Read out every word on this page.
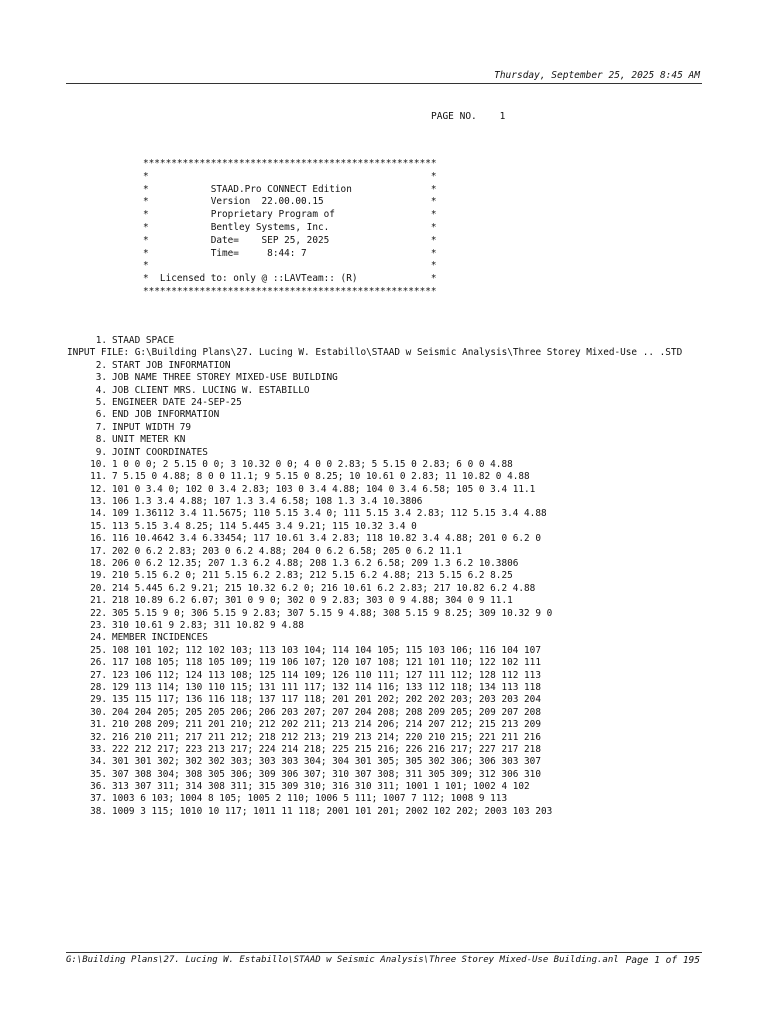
Thursday, September 25, 2025 8:45 AM
PAGE NO.    1
****************************************************
*                                                  *
*           STAAD.Pro CONNECT Edition              *
*           Version  22.00.00.15                   *
*           Proprietary Program of                 *
*           Bentley Systems, Inc.                  *
*           Date=    SEP 25, 2025                  *
*           Time=     8:44: 7                      *
*                                                  *
*  Licensed to: only @ ::LAVTeam:: (R)             *
****************************************************
1. STAAD SPACE
INPUT FILE: G:\Building Plans\27. Lucing W. Estabillo\STAAD w Seismic Analysis\Three Storey Mixed-Use .. .STD
2. START JOB INFORMATION
3. JOB NAME THREE STOREY MIXED-USE BUILDING
4. JOB CLIENT MRS. LUCING W. ESTABILLO
5. ENGINEER DATE 24-SEP-25
6. END JOB INFORMATION
7. INPUT WIDTH 79
8. UNIT METER KN
9. JOINT COORDINATES
10. 1 0 0 0; 2 5.15 0 0; 3 10.32 0 0; 4 0 0 2.83; 5 5.15 0 2.83; 6 0 0 4.88
11. 7 5.15 0 4.88; 8 0 0 11.1; 9 5.15 0 8.25; 10 10.61 0 2.83; 11 10.82 0 4.88
12. 101 0 3.4 0; 102 0 3.4 2.83; 103 0 3.4 4.88; 104 0 3.4 6.58; 105 0 3.4 11.1
13. 106 1.3 3.4 4.88; 107 1.3 3.4 6.58; 108 1.3 3.4 10.3806
14. 109 1.36112 3.4 11.5675; 110 5.15 3.4 0; 111 5.15 3.4 2.83; 112 5.15 3.4 4.88
15. 113 5.15 3.4 8.25; 114 5.445 3.4 9.21; 115 10.32 3.4 0
16. 116 10.4642 3.4 6.33454; 117 10.61 3.4 2.83; 118 10.82 3.4 4.88; 201 0 6.2 0
17. 202 0 6.2 2.83; 203 0 6.2 4.88; 204 0 6.2 6.58; 205 0 6.2 11.1
18. 206 0 6.2 12.35; 207 1.3 6.2 4.88; 208 1.3 6.2 6.58; 209 1.3 6.2 10.3806
19. 210 5.15 6.2 0; 211 5.15 6.2 2.83; 212 5.15 6.2 4.88; 213 5.15 6.2 8.25
20. 214 5.445 6.2 9.21; 215 10.32 6.2 0; 216 10.61 6.2 2.83; 217 10.82 6.2 4.88
21. 218 10.89 6.2 6.07; 301 0 9 0; 302 0 9 2.83; 303 0 9 4.88; 304 0 9 11.1
22. 305 5.15 9 0; 306 5.15 9 2.83; 307 5.15 9 4.88; 308 5.15 9 8.25; 309 10.32 9 0
23. 310 10.61 9 2.83; 311 10.82 9 4.88
24. MEMBER INCIDENCES
25. 108 101 102; 112 102 103; 113 103 104; 114 104 105; 115 103 106; 116 104 107
26. 117 108 105; 118 105 109; 119 106 107; 120 107 108; 121 101 110; 122 102 111
27. 123 106 112; 124 113 108; 125 114 109; 126 110 111; 127 111 112; 128 112 113
28. 129 113 114; 130 110 115; 131 111 117; 132 114 116; 133 112 118; 134 113 118
29. 135 115 117; 136 116 118; 137 117 118; 201 201 202; 202 202 203; 203 203 204
30. 204 204 205; 205 205 206; 206 203 207; 207 204 208; 208 209 205; 209 207 208
31. 210 208 209; 211 201 210; 212 202 211; 213 214 206; 214 207 212; 215 213 209
32. 216 210 211; 217 211 212; 218 212 213; 219 213 214; 220 210 215; 221 211 216
33. 222 212 217; 223 213 217; 224 214 218; 225 215 216; 226 216 217; 227 217 218
34. 301 301 302; 302 302 303; 303 303 304; 304 301 305; 305 302 306; 306 303 307
35. 307 308 304; 308 305 306; 309 306 307; 310 307 308; 311 305 309; 312 306 310
36. 313 307 311; 314 308 311; 315 309 310; 316 310 311; 1001 1 101; 1002 4 102
37. 1003 6 103; 1004 8 105; 1005 2 110; 1006 5 111; 1007 7 112; 1008 9 113
38. 1009 3 115; 1010 10 117; 1011 11 118; 2001 101 201; 2002 102 202; 2003 103 203
G:\Building Plans\27. Lucing W. Estabillo\STAAD w Seismic Analysis\Three Storey Mixed-Use Building.anl Page 1 of 195
